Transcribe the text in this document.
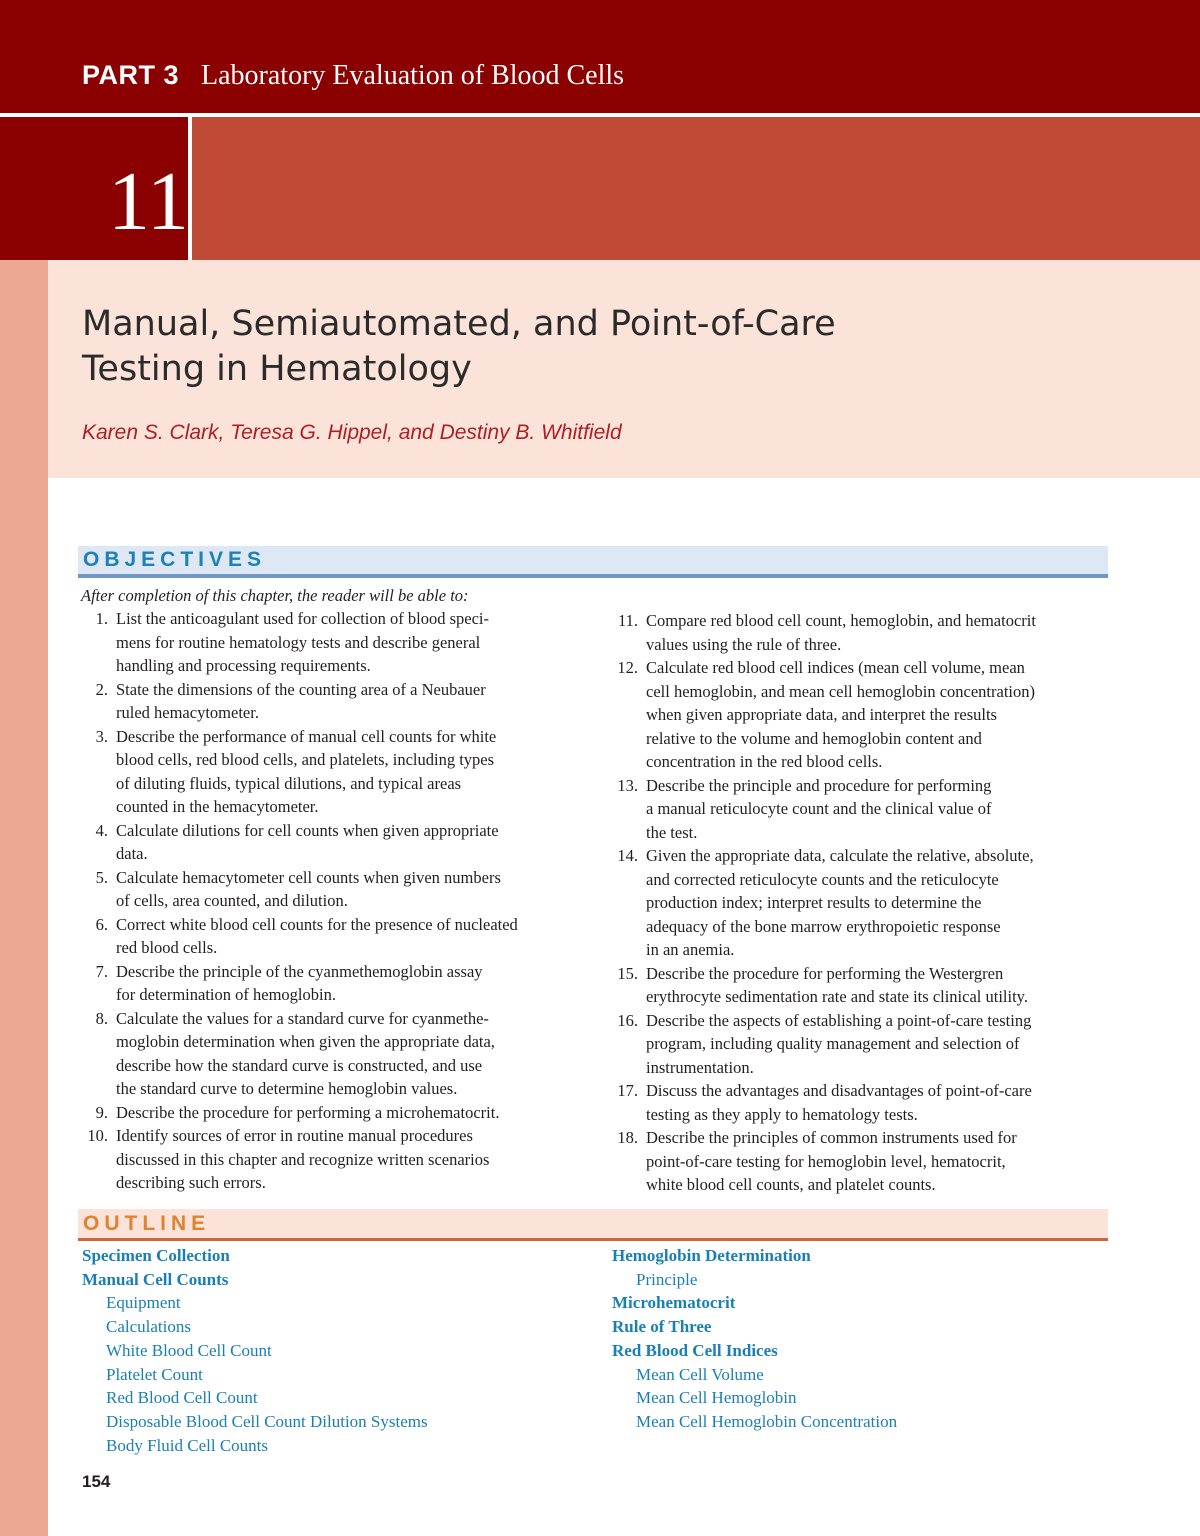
PART 3 Laboratory Evaluation of Blood Cells
11
Manual, Semiautomated, and Point-of-Care
Testing in Hematology
Karen S. Clark, Teresa G. Hippel, and Destiny B. Whitfield
OBJECTIVES
After completion of this chapter, the reader will be able to:
1. List the anticoagulant used for collection of blood speci-
mens for routine hematology tests and describe general
handling and processing requirements.
2. State the dimensions of the counting area of a Neubauer
ruled hemacytometer.
3. Describe the performance of manual cell counts for white
blood cells, red blood cells, and platelets, including types
of diluting fluids, typical dilutions, and typical areas
counted in the hemacytometer.
4. Calculate dilutions for cell counts when given appropriate
data.
5. Calculate hemacytometer cell counts when given numbers
of cells, area counted, and dilution.
6. Correct white blood cell counts for the presence of nucleated
red blood cells.
7. Describe the principle of the cyanmethemoglobin assay
for determination of hemoglobin.
8. Calculate the values for a standard curve for cyanmethe-
moglobin determination when given the appropriate data,
describe how the standard curve is constructed, and use
the standard curve to determine hemoglobin values.
9. Describe the procedure for performing a microhematocrit.
10. Identify sources of error in routine manual procedures
discussed in this chapter and recognize written scenarios
describing such errors.
11. Compare red blood cell count, hemoglobin, and hematocrit
values using the rule of three.
12. Calculate red blood cell indices (mean cell volume, mean
cell hemoglobin, and mean cell hemoglobin concentration)
when given appropriate data, and interpret the results
relative to the volume and hemoglobin content and
concentration in the red blood cells.
13. Describe the principle and procedure for performing
a manual reticulocyte count and the clinical value of
the test.
14. Given the appropriate data, calculate the relative, absolute,
and corrected reticulocyte counts and the reticulocyte
production index; interpret results to determine the
adequacy of the bone marrow erythropoietic response
in an anemia.
15. Describe the procedure for performing the Westergren
erythrocyte sedimentation rate and state its clinical utility.
16. Describe the aspects of establishing a point-of-care testing
program, including quality management and selection of
instrumentation.
17. Discuss the advantages and disadvantages of point-of-care
testing as they apply to hematology tests.
18. Describe the principles of common instruments used for
point-of-care testing for hemoglobin level, hematocrit,
white blood cell counts, and platelet counts.
OUTLINE
Specimen Collection
Manual Cell Counts
Equipment
Calculations
White Blood Cell Count
Platelet Count
Red Blood Cell Count
Disposable Blood Cell Count Dilution Systems
Body Fluid Cell Counts
Hemoglobin Determination
Principle
Microhematocrit
Rule of Three
Red Blood Cell Indices
Mean Cell Volume
Mean Cell Hemoglobin
Mean Cell Hemoglobin Concentration
154
